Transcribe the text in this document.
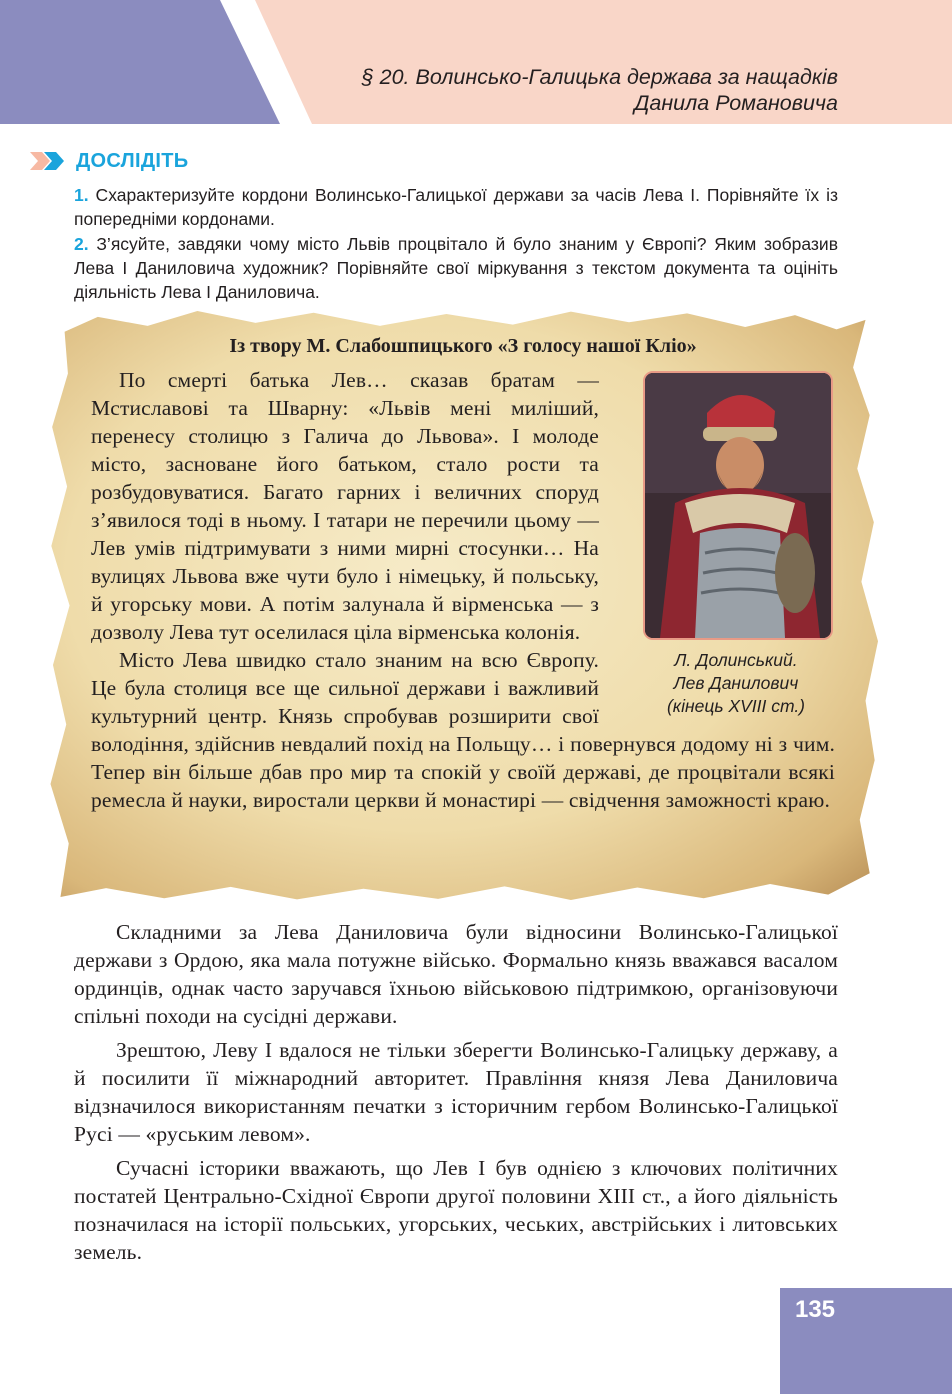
§ 20. Волинсько-Галицька держава за нащадків
Данила Романовича
ДОСЛІДІТЬ

1. Схарактеризуйте кордони Волинсько-Галицької держави за часів Лева І. Порівняйте їх із попередніми кордонами.

2. З’ясуйте, завдяки чому місто Львів процвітало й було знаним у Європі? Яким зобразив Лева І Даниловича художник? Порівняйте свої міркування з текстом документа та оцініть діяльність Лева І Даниловича.

Із твору М. Слабошпицького «З голосу нашої Кліо»

По смерті батька Лев… сказав братам — Мстиславові та Шварну: «Львів мені миліший, перенесу столицю з Галича до Львова». І молоде місто, засноване його батьком, стало рости та розбудовуватися. Багато гарних і величних споруд з’явилося тоді в ньому. І татари не перечили цьому — Лев умів підтримувати з ними мирні стосунки… На вулицях Львова вже чути було і німецьку, й польську, й угорську мови. А потім залунала й вірменська — з дозволу Лева тут оселилася ціла вірменська колонія.

Місто Лева швидко стало знаним на всю Європу. Це була столиця все ще сильної держави і важливий культурний центр. Князь спробував розширити свої володіння, здійснив невдалий похід на Польщу… і повернувся додому ні з чим. Тепер він більше дбав про мир та спокій у своїй державі, де процвітали всякі ремесла й науки, виростали церкви й монастирі — свідчення заможності краю.

Л. Долинський.
Лев Данилович
(кінець XVIII ст.)

Складними за Лева Даниловича були відносини Волинсько-Галицької держави з Ордою, яка мала потужне військо. Формально князь вважався васалом ординців, однак часто заручався їхньою військовою підтримкою, організовуючи спільні походи на сусідні держави.

Зрештою, Леву І вдалося не тільки зберегти Волинсько-Галицьку державу, а й посилити її міжнародний авторитет. Правління князя Лева Даниловича відзначилося використанням печатки з історичним гербом Волинсько-Галицької Русі — «руським левом».

Сучасні історики вважають, що Лев І був однією з ключових політичних постатей Центрально-Східної Європи другої половини XIII ст., а його діяльність позначилася на історії польських, угорських, чеських, австрійських і литовських земель.

135
